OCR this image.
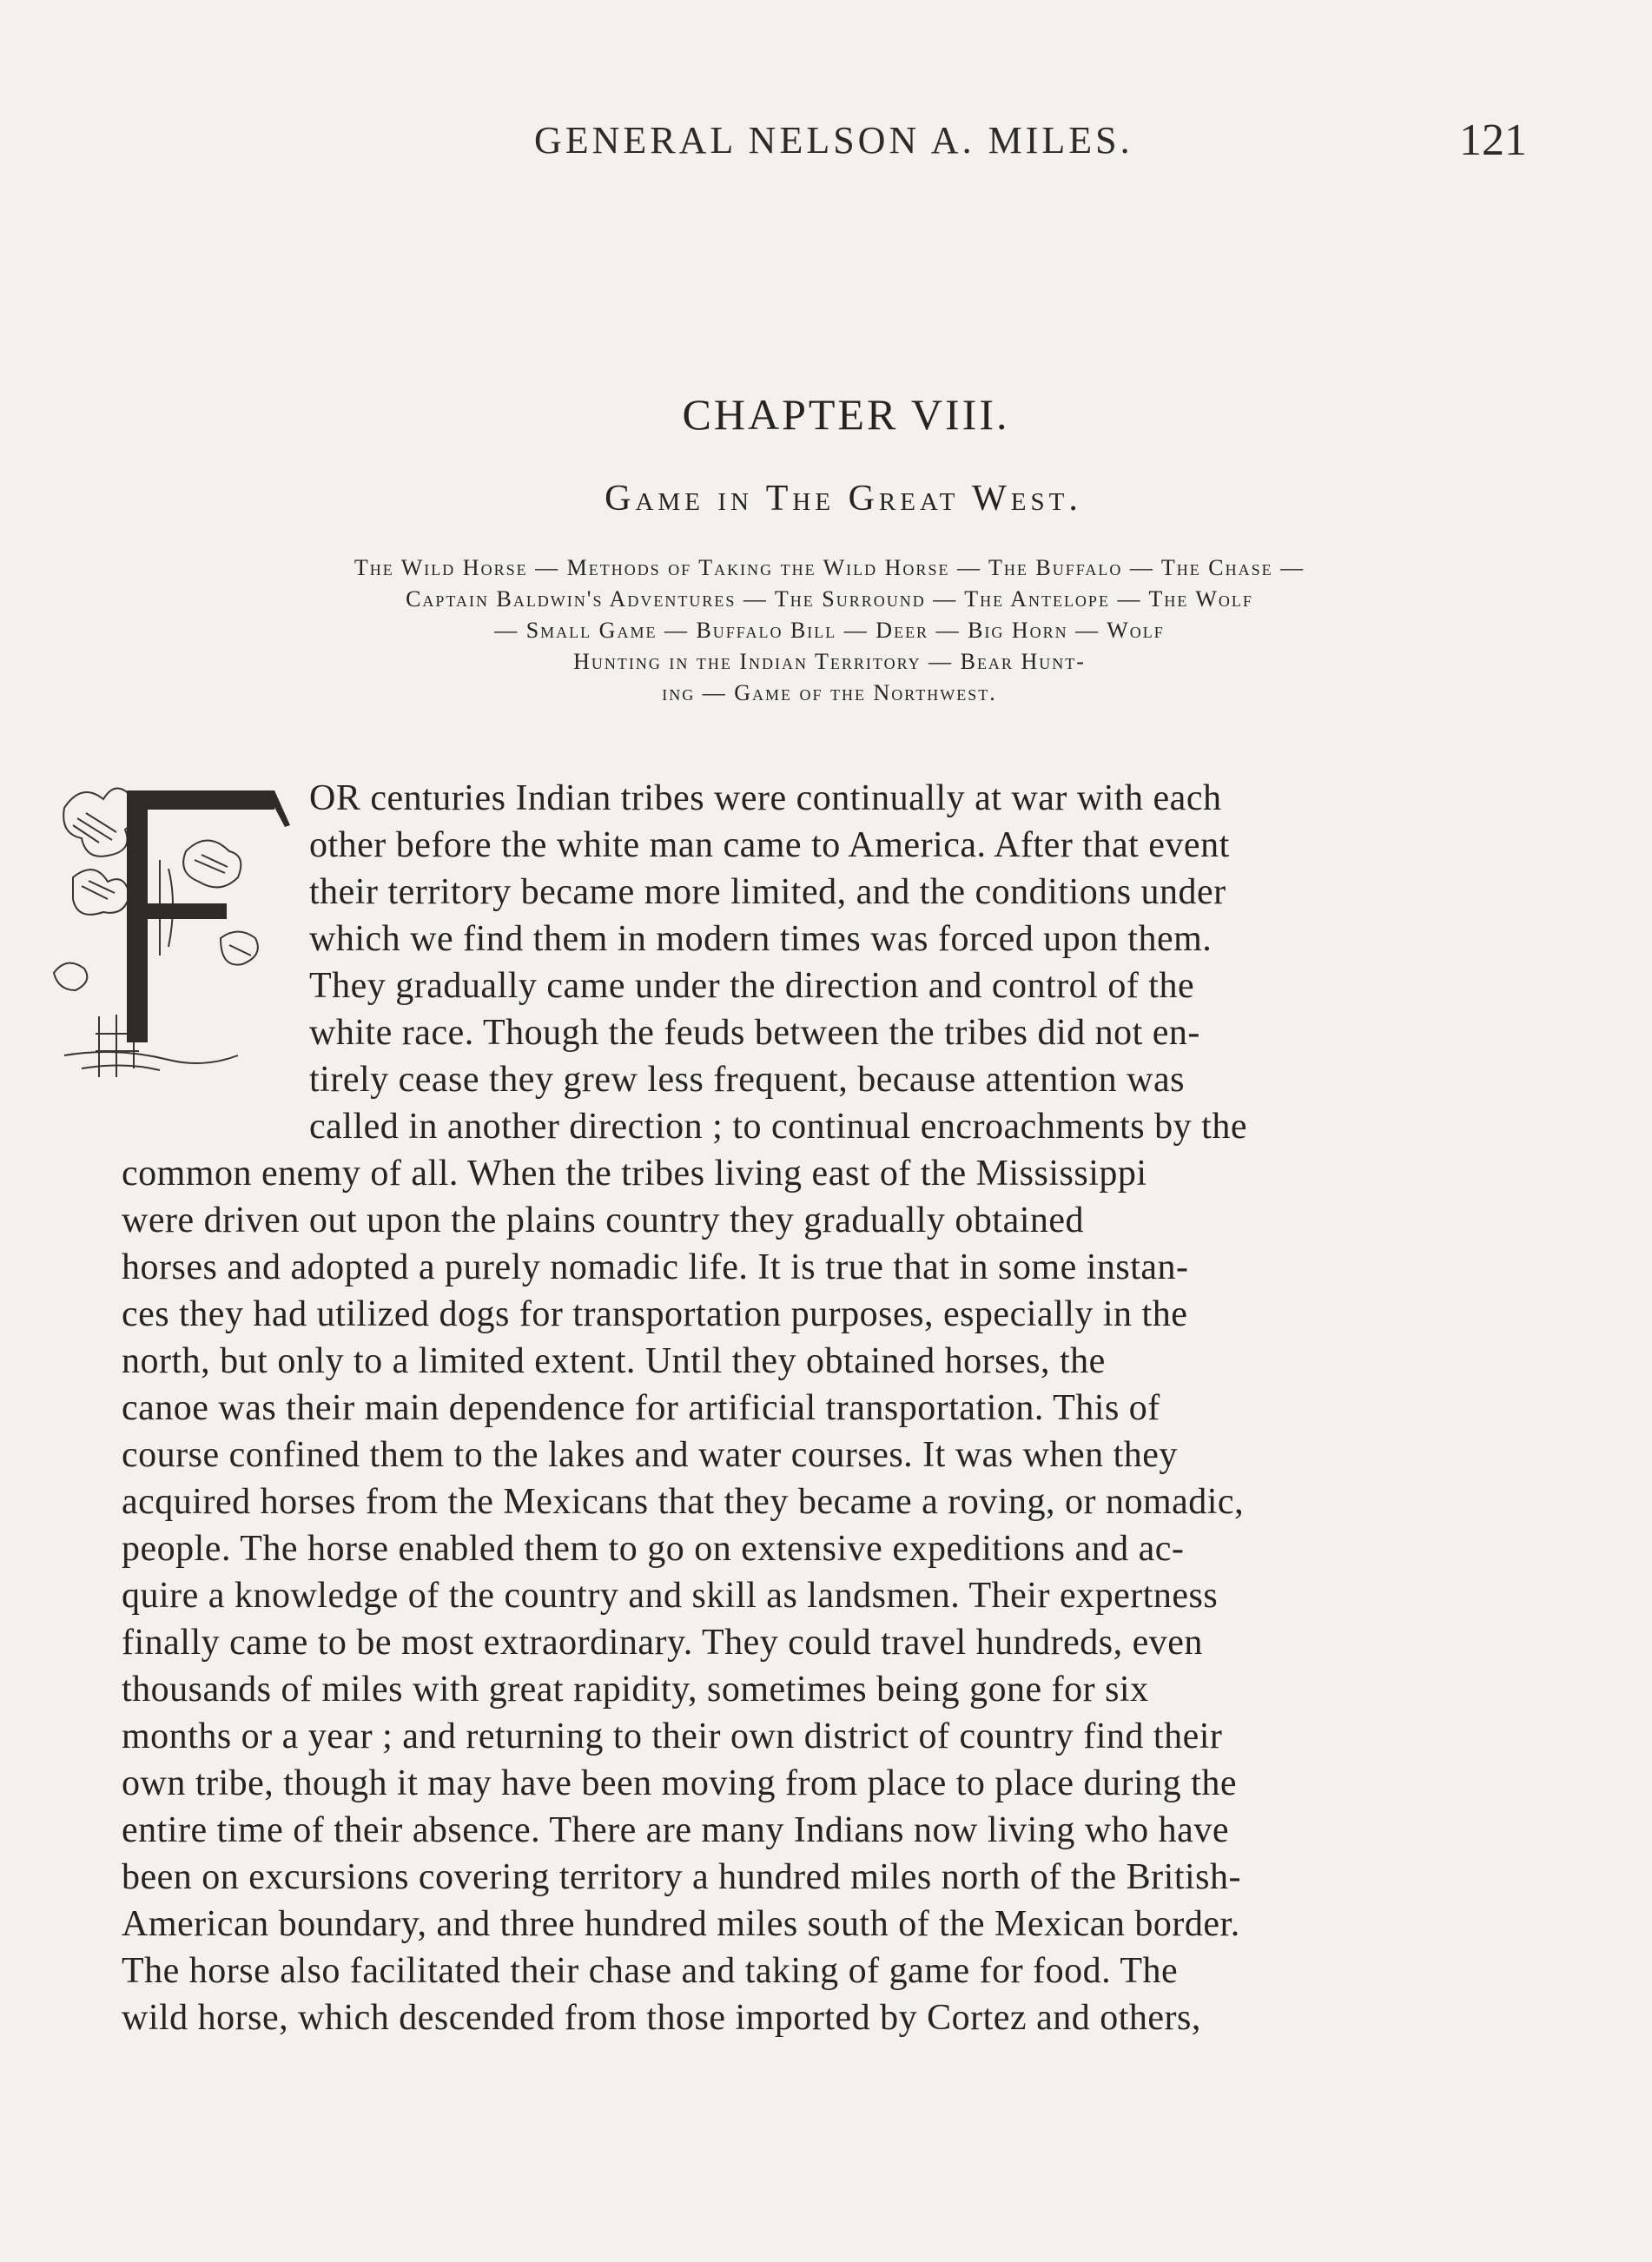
GENERAL NELSON A. MILES.	121
CHAPTER VIII.
Game in The Great West.
The Wild Horse — Methods of Taking the Wild Horse — The Buffalo — The Chase —
Captain Baldwin's Adventures — The Surround — The Antelope — The Wolf
— Small Game — Buffalo Bill — Deer — Big Horn — Wolf
Hunting in the Indian Territory — Bear Hunt-
ing — Game of the Northwest.
OR centuries Indian tribes were continually at war with each
other before the white man came to America. After that event
their territory became more limited, and the conditions under
which we find them in modern times was forced upon them.
They gradually came under the direction and control of the
white race. Though the feuds between the tribes did not en-
tirely cease they grew less frequent, because attention was
called in another direction ; to continual encroachments by the
common enemy of all. When the tribes living east of the Mississippi
were driven out upon the plains country they gradually obtained
horses and adopted a purely nomadic life. It is true that in some instan-
ces they had utilized dogs for transportation purposes, especially in the
north, but only to a limited extent. Until they obtained horses, the
canoe was their main dependence for artificial transportation. This of
course confined them to the lakes and water courses. It was when they
acquired horses from the Mexicans that they became a roving, or nomadic,
people. The horse enabled them to go on extensive expeditions and ac-
quire a knowledge of the country and skill as landsmen. Their expertness
finally came to be most extraordinary. They could travel hundreds, even
thousands of miles with great rapidity, sometimes being gone for six
months or a year ; and returning to their own district of country find their
own tribe, though it may have been moving from place to place during the
entire time of their absence. There are many Indians now living who have
been on excursions covering territory a hundred miles north of the British-
American boundary, and three hundred miles south of the Mexican border.
The horse also facilitated their chase and taking of game for food. The
wild horse, which descended from those imported by Cortez and others,
